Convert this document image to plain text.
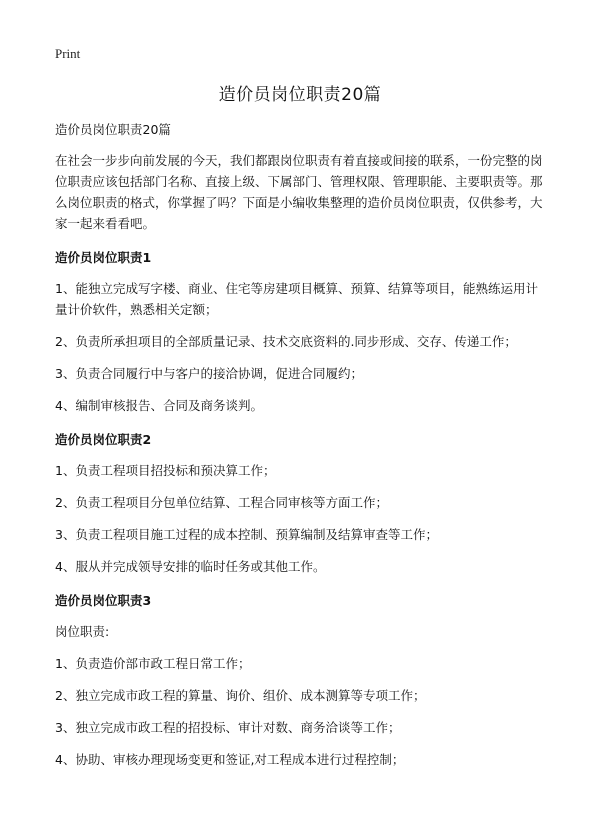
Print
造价员岗位职责20篇

造价员岗位职责20篇

在社会一步步向前发展的今天，我们都跟岗位职责有着直接或间接的联系，一份完整的岗位职责应该包括部门名称、直接上级、下属部门、管理权限、管理职能、主要职责等。那么岗位职责的格式，你掌握了吗？下面是小编收集整理的造价员岗位职责，仅供参考，大家一起来看看吧。

造价员岗位职责1

1、能独立完成写字楼、商业、住宅等房建项目概算、预算、结算等项目，能熟练运用计量计价软件，熟悉相关定额；

2、负责所承担项目的全部质量记录、技术交底资料的.同步形成、交存、传递工作；

3、负责合同履行中与客户的接洽协调，促进合同履约；

4、编制审核报告、合同及商务谈判。

造价员岗位职责2

1、负责工程项目招投标和预决算工作；

2、负责工程项目分包单位结算、工程合同审核等方面工作；

3、负责工程项目施工过程的成本控制、预算编制及结算审查等工作；

4、服从并完成领导安排的临时任务或其他工作。

造价员岗位职责3

岗位职责:

1、负责造价部市政工程日常工作；

2、独立完成市政工程的算量、询价、组价、成本测算等专项工作；

3、独立完成市政工程的招投标、审计对数、商务洽谈等工作；

4、协助、审核办理现场变更和签证,对工程成本进行过程控制；
